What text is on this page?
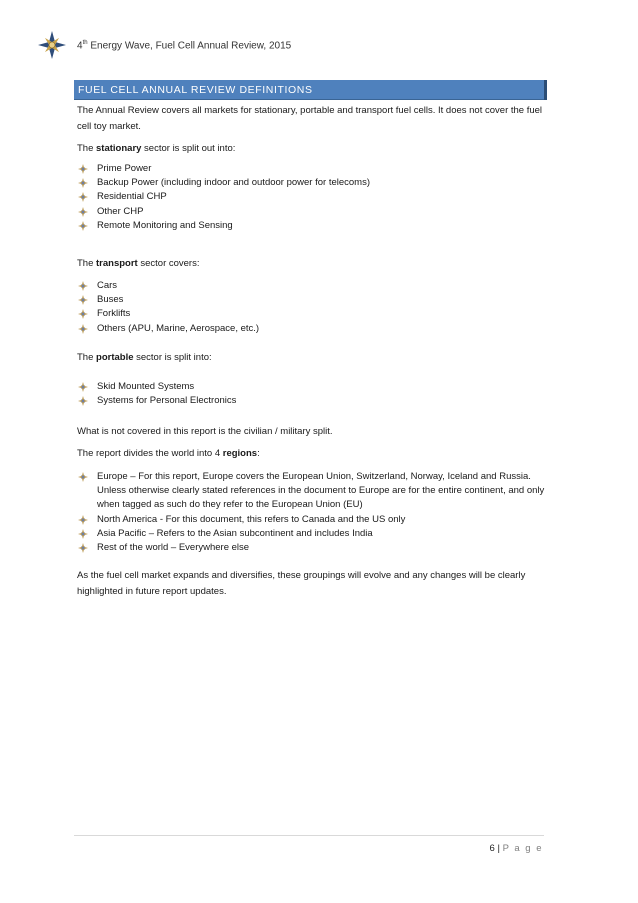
4th Energy Wave, Fuel Cell Annual Review, 2015
FUEL CELL ANNUAL REVIEW DEFINITIONS
The Annual Review covers all markets for stationary, portable and transport fuel cells. It does not cover the fuel cell toy market.
The stationary sector is split out into:
Prime Power
Backup Power (including indoor and outdoor power for telecoms)
Residential CHP
Other CHP
Remote Monitoring and Sensing
The transport sector covers:
Cars
Buses
Forklifts
Others (APU, Marine, Aerospace, etc.)
The portable sector is split into:
Skid Mounted Systems
Systems for Personal Electronics
What is not covered in this report is the civilian / military split.
The report divides the world into 4 regions:
Europe – For this report, Europe covers the European Union, Switzerland, Norway, Iceland and Russia. Unless otherwise clearly stated references in the document to Europe are for the entire continent, and only when tagged as such do they refer to the European Union (EU)
North America - For this document, this refers to Canada and the US only
Asia Pacific – Refers to the Asian subcontinent and includes India
Rest of the world – Everywhere else
As the fuel cell market expands and diversifies, these groupings will evolve and any changes will be clearly highlighted in future report updates.
6 | P a g e
